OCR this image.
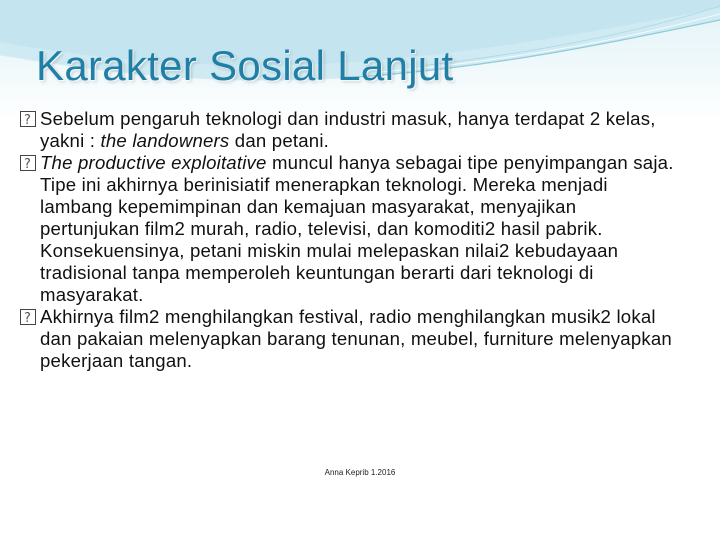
Karakter Sosial Lanjut
?
Sebelum pengaruh teknologi dan industri masuk, hanya terdapat 2 kelas, yakni : the landowners dan petani.
?
The productive exploitative muncul hanya sebagai tipe penyimpangan saja. Tipe ini akhirnya berinisiatif menerapkan teknologi. Mereka menjadi lambang kepemimpinan dan kemajuan masyarakat, menyajikan pertunjukan film2 murah, radio, televisi, dan komoditi2 hasil pabrik. Konsekuensinya, petani miskin mulai melepaskan nilai2 kebudayaan tradisional tanpa memperoleh keuntungan berarti dari teknologi di masyarakat.
?
Akhirnya film2 menghilangkan festival, radio menghilangkan musik2 lokal dan pakaian melenyapkan barang tenunan, meubel, furniture melenyapkan pekerjaan tangan.
Anna Keprib 1.2016
